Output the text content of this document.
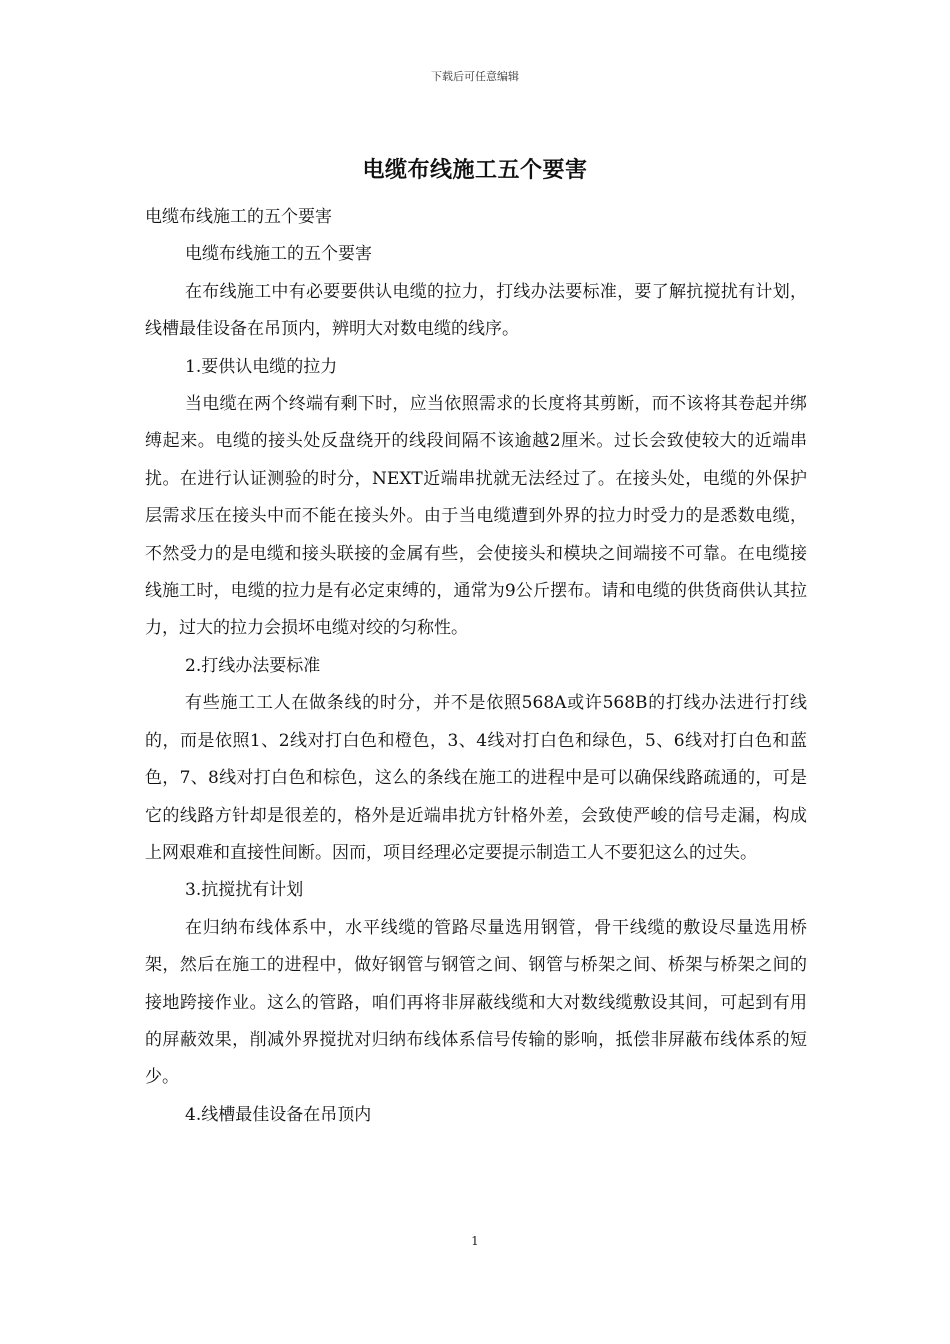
下载后可任意编辑
电缆布线施工五个要害

电缆布线施工的五个要害

电缆布线施工的五个要害

在布线施工中有必要要供认电缆的拉力，打线办法要标准，要了解抗搅扰有计划，线槽最佳设备在吊顶内，辨明大对数电缆的线序。

1.要供认电缆的拉力

当电缆在两个终端有剩下时，应当依照需求的长度将其剪断，而不该将其卷起并绑缚起来。电缆的接头处反盘绕开的线段间隔不该逾越2厘米。过长会致使较大的近端串扰。在进行认证测验的时分，NEXT近端串扰就无法经过了。在接头处，电缆的外保护层需求压在接头中而不能在接头外。由于当电缆遭到外界的拉力时受力的是悉数电缆，不然受力的是电缆和接头联接的金属有些，会使接头和模块之间端接不可靠。在电缆接线施工时，电缆的拉力是有必定束缚的，通常为9公斤摆布。请和电缆的供货商供认其拉力，过大的拉力会损坏电缆对绞的匀称性。

2.打线办法要标准

有些施工工人在做条线的时分，并不是依照568A或许568B的打线办法进行打线的，而是依照1、2线对打白色和橙色，3、4线对打白色和绿色，5、6线对打白色和蓝色，7、8线对打白色和棕色，这么的条线在施工的进程中是可以确保线路疏通的，可是它的线路方针却是很差的，格外是近端串扰方针格外差，会致使严峻的信号走漏，构成上网艰难和直接性间断。因而，项目经理必定要提示制造工人不要犯这么的过失。

3.抗搅扰有计划

在归纳布线体系中，水平线缆的管路尽量选用钢管，骨干线缆的敷设尽量选用桥架，然后在施工的进程中，做好钢管与钢管之间、钢管与桥架之间、桥架与桥架之间的接地跨接作业。这么的管路，咱们再将非屏蔽线缆和大对数线缆敷设其间，可起到有用的屏蔽效果，削减外界搅扰对归纳布线体系信号传输的影响，抵偿非屏蔽布线体系的短少。

4.线槽最佳设备在吊顶内

1
